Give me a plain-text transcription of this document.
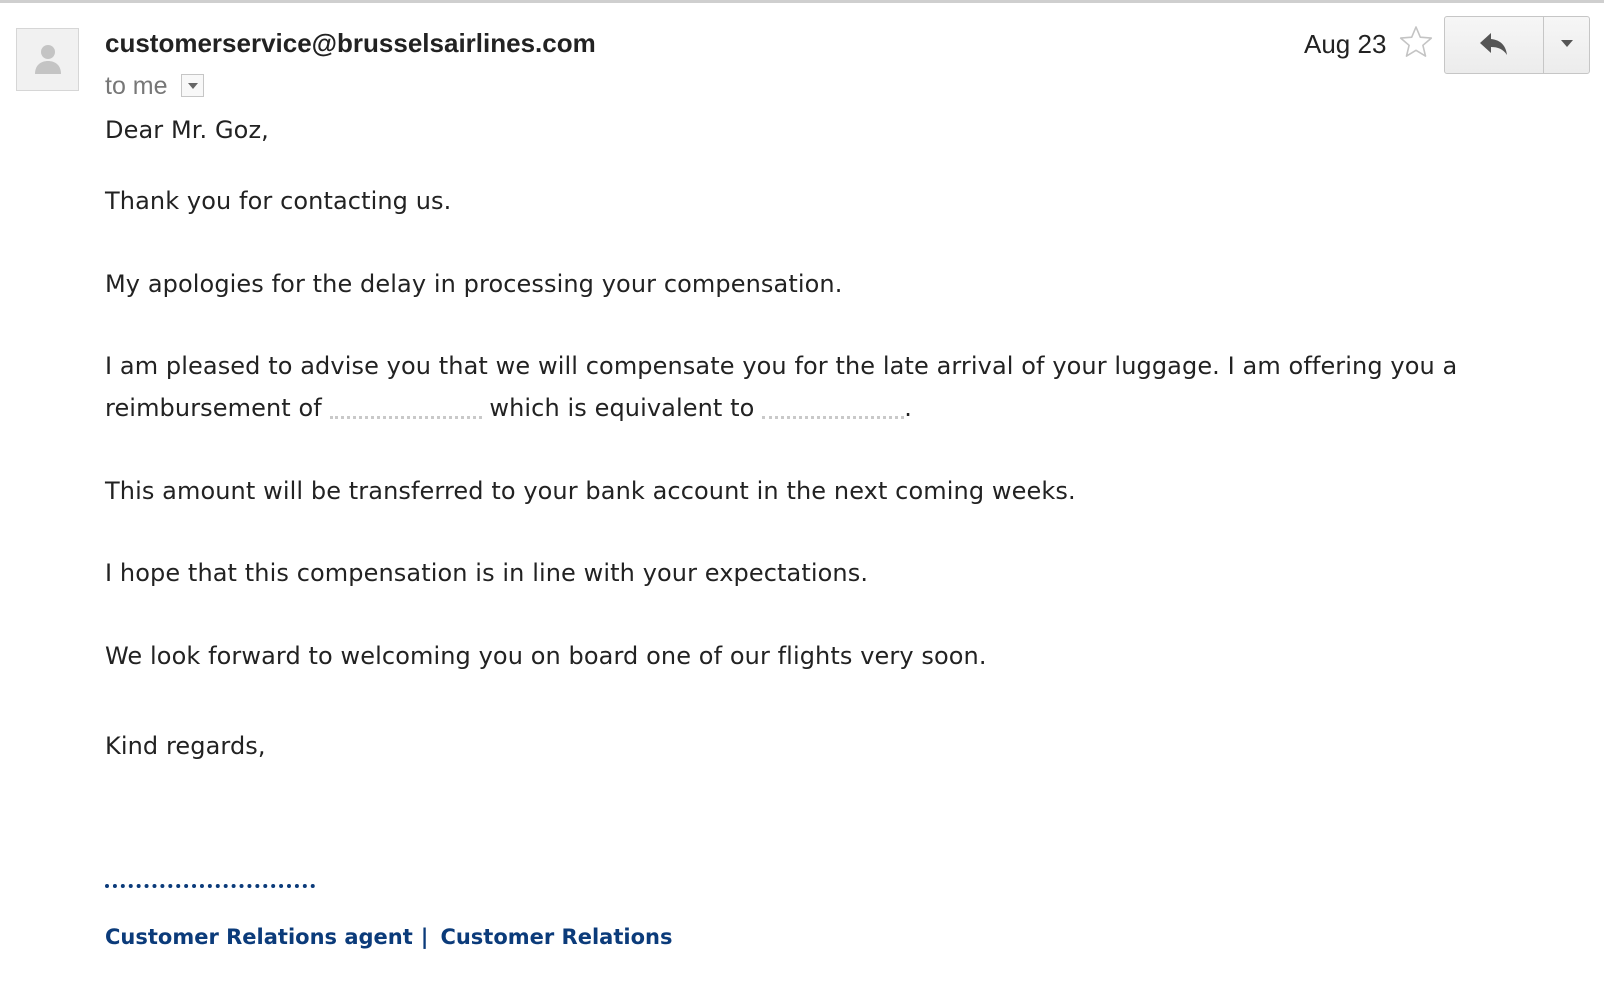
customerservice@brusselsairlines.com
to me
Aug 23
Dear Mr. Goz,
Thank you for contacting us.
My apologies for the delay in processing your compensation.
I am pleased to advise you that we will compensate you for the late arrival of your luggage. I am offering you a
reimbursement of	which is equivalent to	.
This amount will be transferred to your bank account in the next coming weeks.
I hope that this compensation is in line with your expectations.
We look forward to welcoming you on board one of our flights very soon.
Kind regards,
Customer Relations agent | Customer Relations
